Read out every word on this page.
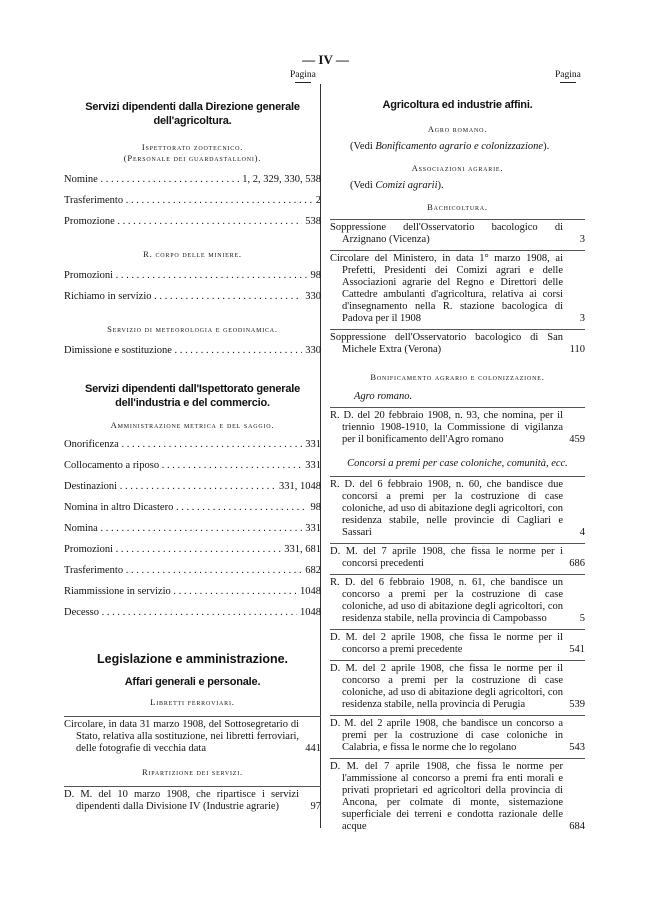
— IV —
Pagina	Pagina

Servizi dipendenti dalla Direzione generale

dell'agricoltura.

Ispettorato zootecnico.

(Personale dei guardastalloni).

Nomine . . .	1, 2, 329, 330, 538
Trasferimento . . .	2
Promozione . . .	538

R. corpo delle miniere.

Promozioni . . .	98
Richiamo in servizio . . .	330

Servizio di meteorologia e geodinamica.

Dimissione e sostituzione . . .	330

Servizi dipendenti dall'Ispettorato generale

dell'industria e del commercio.

Amministrazione metrica e del saggio.

Onorificenza . . .	331
Collocamento a riposo . . .	331
Destinazioni . . .	331, 1048
Nomina in altro Dicastero . . .	98
Nomina . . .	331
Promozioni . . .	331, 681
Trasferimento . . .	682
Riammissione in servizio . . .	1048
Decesso . . .	1048

Legislazione e amministrazione.

Affari generali e personale.

Libretti ferroviari.

Circolare, in data 31 marzo 1908, del Sottosegretario di Stato, relativa alla sostituzione, nei libretti ferroviari, delle fotografie di vecchia data	441

Ripartizione dei servizi.

D. M. del 10 marzo 1908, che ripartisce i servizi dipendenti dalla Divisione IV (Industrie agrarie)	97

Agricoltura ed industrie affini.

Agro romano.

(Vedi Bonificamento agrario e colonizzazione).

Associazioni agrarie.

(Vedi Comizi agrarii).

Bachicoltura.

Soppressione dell'Osservatorio bacologico di Arzignano (Vicenza)	3
Circolare del Ministero, in data 1° marzo 1908, ai Prefetti, Presidenti dei Comizi agrari e delle Associazioni agrarie del Regno e Direttori delle Cattedre ambulanti d'agricoltura, relativa ai corsi d'insegnamento nella R. stazione bacologica di Padova per il 1908	3
Soppressione dell'Osservatorio bacologico di San Michele Extra (Verona)	110

Bonificamento agrario e colonizzazione.

Agro romano.

R. D. del 20 febbraio 1908, n. 93, che nomina, per il triennio 1908-1910, la Commissione di vigilanza per il bonificamento dell'Agro romano	459

Concorsi a premi per case coloniche, comunità, ecc.

R. D. del 6 febbraio 1908, n. 60, che bandisce due concorsi a premi per la costruzione di case coloniche, ad uso di abitazione degli agricoltori, con residenza stabile, nelle provincie di Cagliari e Sassari	4
D. M. del 7 aprile 1908, che fissa le norme per i concorsi precedenti	686
R. D. del 6 febbraio 1908, n. 61, che bandisce un concorso a premi per la costruzione di case coloniche, ad uso di abitazione degli agricoltori, con residenza stabile, nella provincia di Campobasso	5
D. M. del 2 aprile 1908, che fissa le norme per il concorso a premi precedente	541
D. M. del 2 aprile 1908, che fissa le norme per il concorso a premi per la costruzione di case coloniche, ad uso di abitazione degli agricoltori, con residenza stabile, nella provincia di Perugia	539
D. M. del 2 aprile 1908, che bandisce un concorso a premi per la costruzione di case coloniche in Calabria, e fissa le norme che lo regolano	543
D. M. del 7 aprile 1908, che fissa le norme per l'ammissione al concorso a premi fra enti morali e privati proprietari ed agricoltori della provincia di Ancona, per colmate di monte, sistemazione superficiale dei terreni e condotta razionale delle acque	684
